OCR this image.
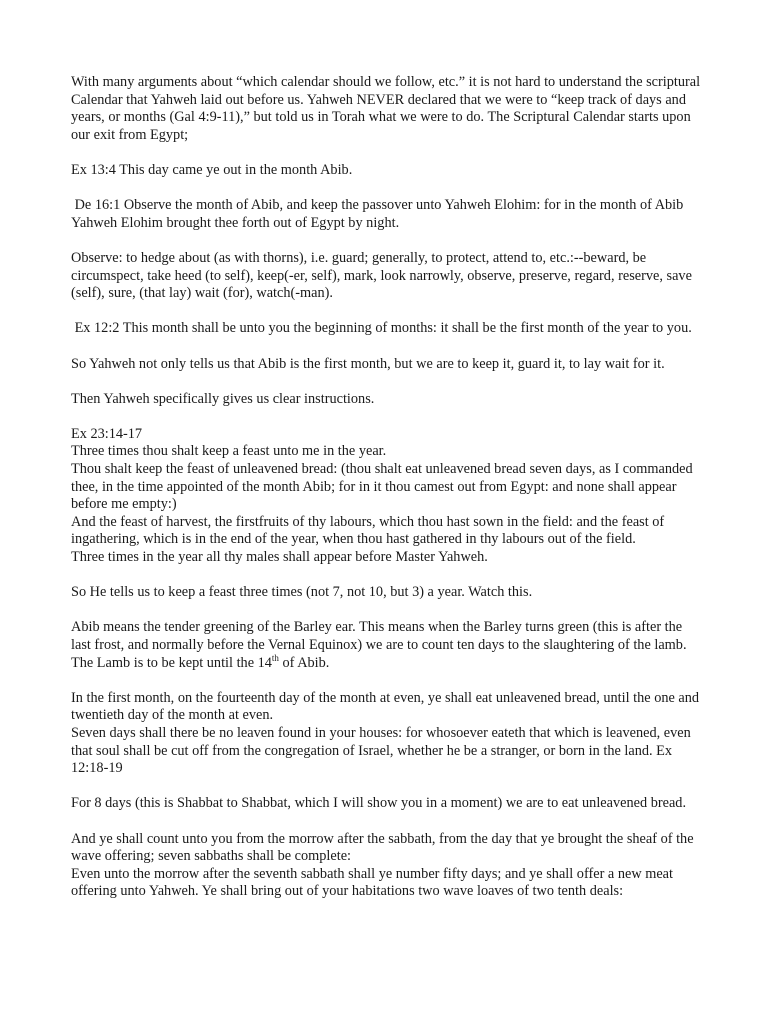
With many arguments about “which calendar should we follow, etc.” it is not hard to understand the scriptural Calendar that Yahweh laid out before us. Yahweh NEVER declared that we were to “keep track of days and years, or months (Gal 4:9-11),” but told us in Torah what we were to do. The Scriptural Calendar starts upon our exit from Egypt;

Ex 13:4 This day came ye out in the month Abib.

De 16:1 Observe the month of Abib, and keep the passover unto Yahweh Elohim: for in the month of Abib Yahweh Elohim brought thee forth out of Egypt by night.

Observe: to hedge about (as with thorns), i.e. guard; generally, to protect, attend to, etc.:--beward, be circumspect, take heed (to self), keep(-er, self), mark, look narrowly, observe, preserve, regard, reserve, save (self), sure, (that lay) wait (for), watch(-man).

Ex 12:2 This month shall be unto you the beginning of months: it shall be the first month of the year to you.

So Yahweh not only tells us that Abib is the first month, but we are to keep it, guard it, to lay wait for it.

Then Yahweh specifically gives us clear instructions.

Ex 23:14-17
Three times thou shalt keep a feast unto me in the year.
Thou shalt keep the feast of unleavened bread: (thou shalt eat unleavened bread seven days, as I commanded thee, in the time appointed of the month Abib; for in it thou camest out from Egypt: and none shall appear before me empty:)
And the feast of harvest, the firstfruits of thy labours, which thou hast sown in the field: and the feast of ingathering, which is in the end of the year, when thou hast gathered in thy labours out of the field.
Three times in the year all thy males shall appear before Master Yahweh.

So He tells us to keep a feast three times (not 7, not 10, but 3) a year. Watch this.

Abib means the tender greening of the Barley ear. This means when the Barley turns green (this is after the last frost, and normally before the Vernal Equinox) we are to count ten days to the slaughtering of the lamb. The Lamb is to be kept until the 14th of Abib.

In the first month, on the fourteenth day of the month at even, ye shall eat unleavened bread, until the one and twentieth day of the month at even.
Seven days shall there be no leaven found in your houses: for whosoever eateth that which is leavened, even that soul shall be cut off from the congregation of Israel, whether he be a stranger, or born in the land. Ex 12:18-19

For 8 days (this is Shabbat to Shabbat, which I will show you in a moment) we are to eat unleavened bread.

And ye shall count unto you from the morrow after the sabbath, from the day that ye brought the sheaf of the wave offering; seven sabbaths shall be complete:
Even unto the morrow after the seventh sabbath shall ye number fifty days; and ye shall offer a new meat offering unto Yahweh. Ye shall bring out of your habitations two wave loaves of two tenth deals:
